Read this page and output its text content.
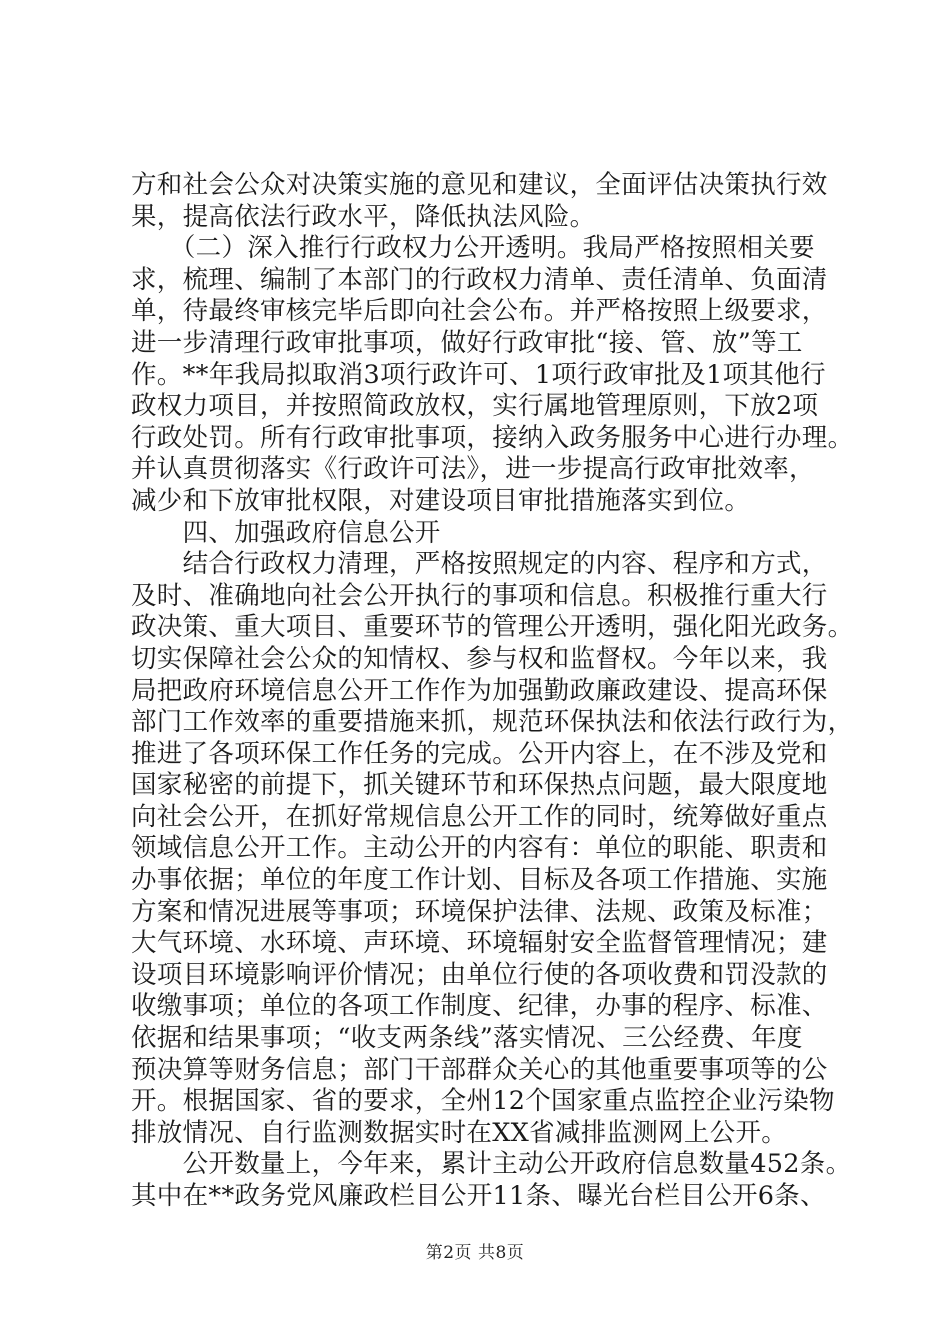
方和社会公众对决策实施的意见和建议，全面评估决策执行效
果，提高依法行政水平，降低执法风险。
　　（二）深入推行行政权力公开透明。我局严格按照相关要
求，梳理、编制了本部门的行政权力清单、责任清单、负面清
单，待最终审核完毕后即向社会公布。并严格按照上级要求，
进一步清理行政审批事项，做好行政审批“接、管、放”等工
作。**年我局拟取消3项行政许可、1项行政审批及1项其他行
政权力项目，并按照简政放权，实行属地管理原则，下放2项
行政处罚。所有行政审批事项，接纳入政务服务中心进行办理。
并认真贯彻落实《行政许可法》，进一步提高行政审批效率，
减少和下放审批权限，对建设项目审批措施落实到位。
　　四、加强政府信息公开
　　结合行政权力清理，严格按照规定的内容、程序和方式，
及时、准确地向社会公开执行的事项和信息。积极推行重大行
政决策、重大项目、重要环节的管理公开透明，强化阳光政务。
切实保障社会公众的知情权、参与权和监督权。今年以来，我
局把政府环境信息公开工作作为加强勤政廉政建设、提高环保
部门工作效率的重要措施来抓，规范环保执法和依法行政行为，
推进了各项环保工作任务的完成。公开内容上，在不涉及党和
国家秘密的前提下，抓关键环节和环保热点问题，最大限度地
向社会公开，在抓好常规信息公开工作的同时，统筹做好重点
领域信息公开工作。主动公开的内容有：单位的职能、职责和
办事依据；单位的年度工作计划、目标及各项工作措施、实施
方案和情况进展等事项；环境保护法律、法规、政策及标准；
大气环境、水环境、声环境、环境辐射安全监督管理情况；建
设项目环境影响评价情况；由单位行使的各项收费和罚没款的
收缴事项；单位的各项工作制度、纪律，办事的程序、标准、
依据和结果事项；“收支两条线”落实情况、三公经费、年度
预决算等财务信息；部门干部群众关心的其他重要事项等的公
开。根据国家、省的要求，全州12个国家重点监控企业污染物
排放情况、自行监测数据实时在XX省减排监测网上公开。
　　公开数量上，今年来，累计主动公开政府信息数量452条。
其中在**政务党风廉政栏目公开11条、曝光台栏目公开6条、
第2页 共8页
